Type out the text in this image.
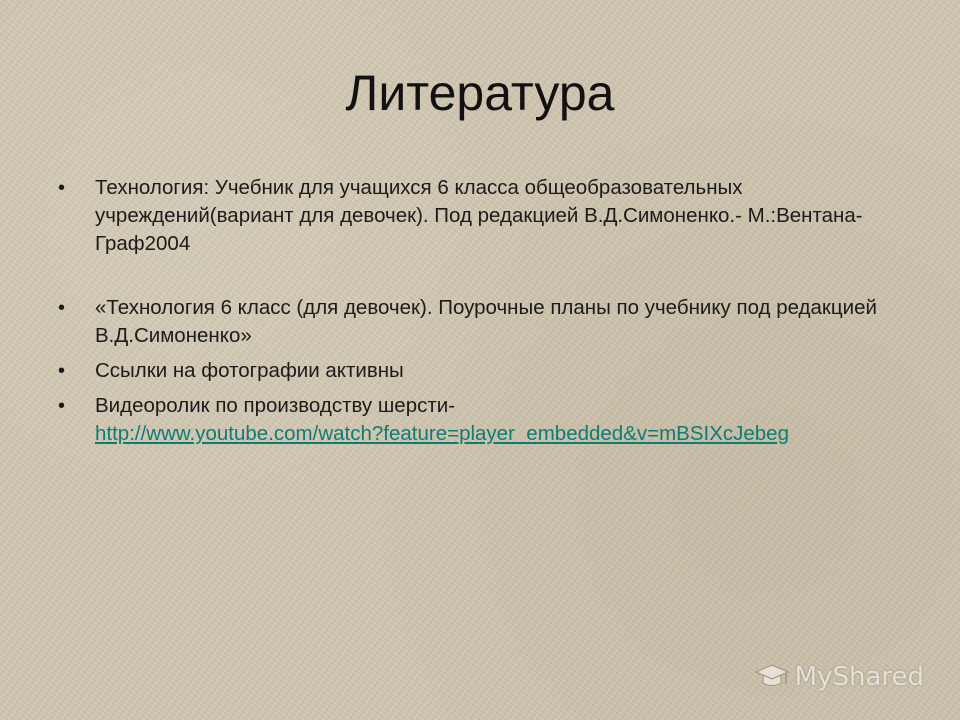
Литература
•	Технология: Учебник для учащихся 6 класса общеобразовательных учреждений(вариант для девочек). Под редакцией В.Д.Симоненко.- М.:Вентана-Граф2004
•	«Технология 6 класс (для девочек). Поурочные планы по учебнику под редакцией В.Д.Симоненко»
•	Ссылки на фотографии активны
•	Видеоролик по производству шерсти-
http://www.youtube.com/watch?feature=player_embedded&v=mBSIXcJebeg
MyShared
